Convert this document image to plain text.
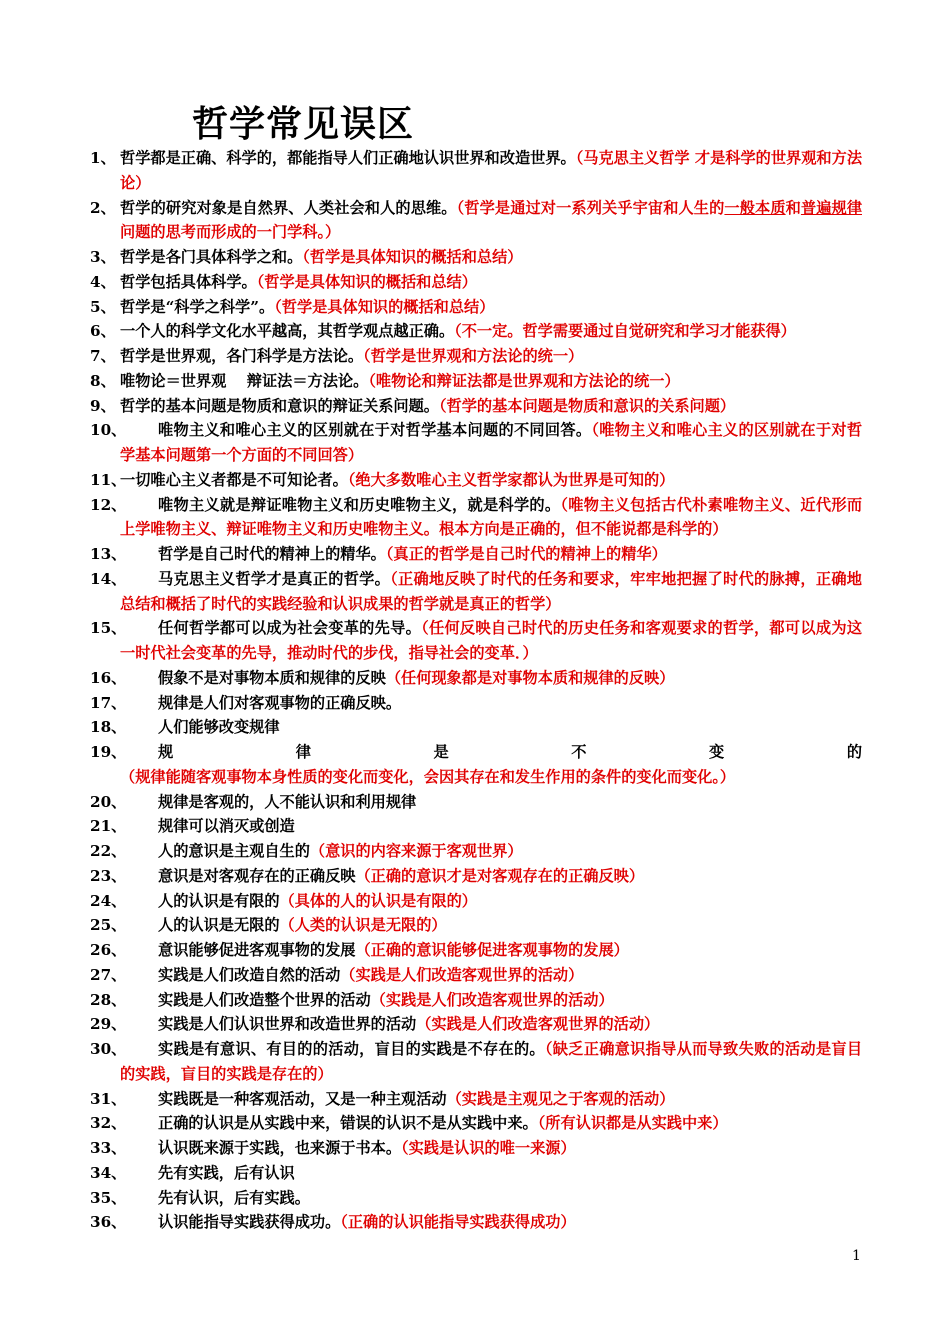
哲学常见误区
1、 哲学都是正确、科学的，都能指导人们正确地认识世界和改造世界。（马克思主义哲学 才是科学的世界观和方法论）
2、 哲学的研究对象是自然界、人类社会和人的思维。（哲学是通过对一系列关乎宇宙和人生的一般本质和普遍规律问题的思考而形成的一门学科。）
3、 哲学是各门具体科学之和。（哲学是具体知识的概括和总结）
4、 哲学包括具体科学。（哲学是具体知识的概括和总结）
5、 哲学是“科学之科学”。（哲学是具体知识的概括和总结）
6、 一个人的科学文化水平越高，其哲学观点越正确。（不一定。哲学需要通过自觉研究和学习才能获得）
7、 哲学是世界观，各门科学是方法论。（哲学是世界观和方法论的统一）
8、 唯物论＝世界观　 辩证法＝方法论。（唯物论和辩证法都是世界观和方法论的统一）
9、 哲学的基本问题是物质和意识的辩证关系问题。（哲学的基本问题是物质和意识的关系问题）
10、 唯物主义和唯心主义的区别就在于对哲学基本问题的不同回答。（唯物主义和唯心主义的区别就在于对哲学基本问题第一个方面的不同回答）
11、
一切唯心主义者都是不可知论者。（绝大多数唯心主义哲学家都认为世界是可知的）
12、 唯物主义就是辩证唯物主义和历史唯物主义，就是科学的。（唯物主义包括古代朴素唯物主义、近代形而上学唯物主义、辩证唯物主义和历史唯物主义。根本方向是正确的，但不能说都是科学的）
13、 哲学是自己时代的精神上的精华。（真正的哲学是自己时代的精神上的精华）
14、 马克思主义哲学才是真正的哲学。（正确地反映了时代的任务和要求，牢牢地把握了时代的脉搏，正确地总结和概括了时代的实践经验和认识成果的哲学就是真正的哲学）
15、 任何哲学都可以成为社会变革的先导。（任何反映自己时代的历史任务和客观要求的哲学，都可以成为这一时代社会变革的先导，推动时代的步伐，指导社会的变革．）
16、 假象不是对事物本质和规律的反映（任何现象都是对事物本质和规律的反映）
17、 规律是人们对客观事物的正确反映。
18、 人们能够改变规律
19、 规律是不变的（规律能随客观事物本身性质的变化而变化，会因其存在和发生作用的条件的变化而变化。）
20、 规律是客观的，人不能认识和利用规律
21、 规律可以消灭或创造
22、 人的意识是主观自生的（意识的内容来源于客观世界）
23、 意识是对客观存在的正确反映（正确的意识才是对客观存在的正确反映）
24、 人的认识是有限的（具体的人的认识是有限的）
25、 人的认识是无限的（人类的认识是无限的）
26、 意识能够促进客观事物的发展（正确的意识能够促进客观事物的发展）
27、 实践是人们改造自然的活动（实践是人们改造客观世界的活动）
28、 实践是人们改造整个世界的活动（实践是人们改造客观世界的活动）
29、 实践是人们认识世界和改造世界的活动（实践是人们改造客观世界的活动）
30、 实践是有意识、有目的的活动，盲目的实践是不存在的。（缺乏正确意识指导从而导致失败的活动是盲目的实践，盲目的实践是存在的）
31、 实践既是一种客观活动，又是一种主观活动（实践是主观见之于客观的活动）
32、 正确的认识是从实践中来，错误的认识不是从实践中来。（所有认识都是从实践中来）
33、 认识既来源于实践，也来源于书本。（实践是认识的唯一来源）
34、 先有实践，后有认识
35、 先有认识，后有实践。
36、 认识能指导实践获得成功。（正确的认识能指导实践获得成功）
1
